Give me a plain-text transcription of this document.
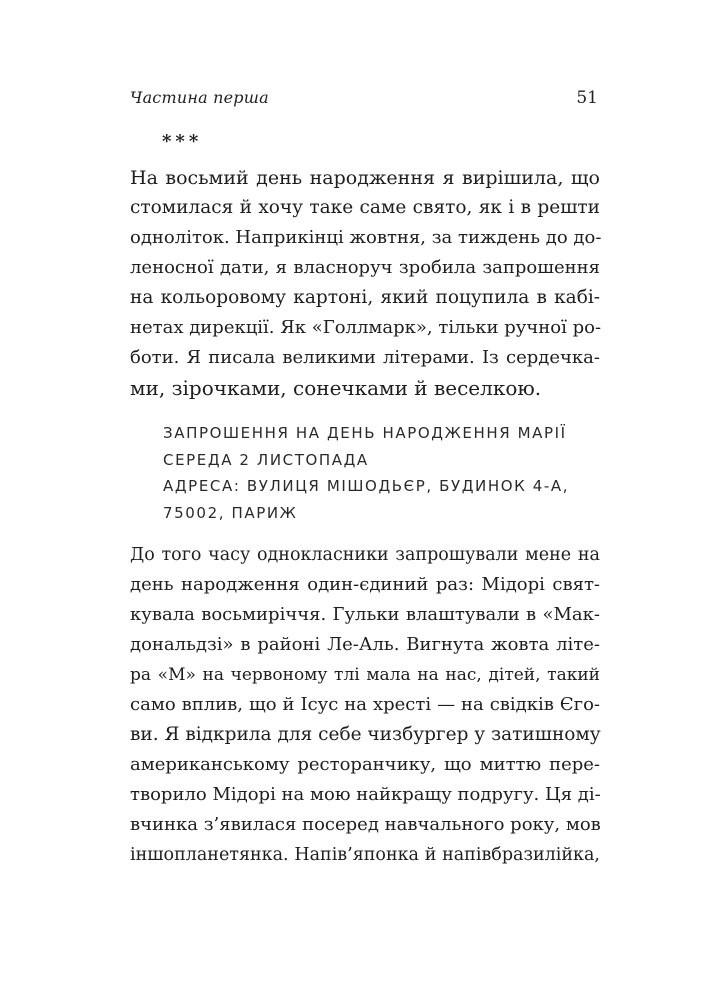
Частина перша	51
***
На восьмий день народження я вирішила, що
стомилася й хочу таке саме свято, як і в решти
одноліток. Наприкінці жовтня, за тиждень до до-
леносної дати, я власноруч зробила запрошення
на кольоровому картоні, який поцупила в кабі-
нетах дирекції. Як «Голлмарк», тільки ручної ро-
боти. Я писала великими літерами. Із сердечка-
ми, зірочками, сонечками й веселкою.
ЗАПРОШЕННЯ НА ДЕНЬ НАРОДЖЕННЯ МАРІЇ
СЕРЕДА 2 ЛИСТОПАДА
АДРЕСА: ВУЛИЦЯ МІШОДЬЄР, БУДИНОК 4-А,
75002, ПАРИЖ
До того часу однокласники запрошували мене на
день народження один-єдиний раз: Мідорі свят-
кувала восьмиріччя. Гульки влаштували в «Мак-
дональдзі» в районі Ле-Аль. Вигнута жовта літе-
ра «М» на червоному тлі мала на нас, дітей, такий
само вплив, що й Ісус на хресті — на свідків Єго-
ви. Я відкрила для себе чизбургер у затишному
американському ресторанчику, що миттю пере-
творило Мідорі на мою найкращу подругу. Ця ді-
вчинка з’явилася посеред навчального року, мов
іншопланетянка. Напів’японка й напівбразилійка,
